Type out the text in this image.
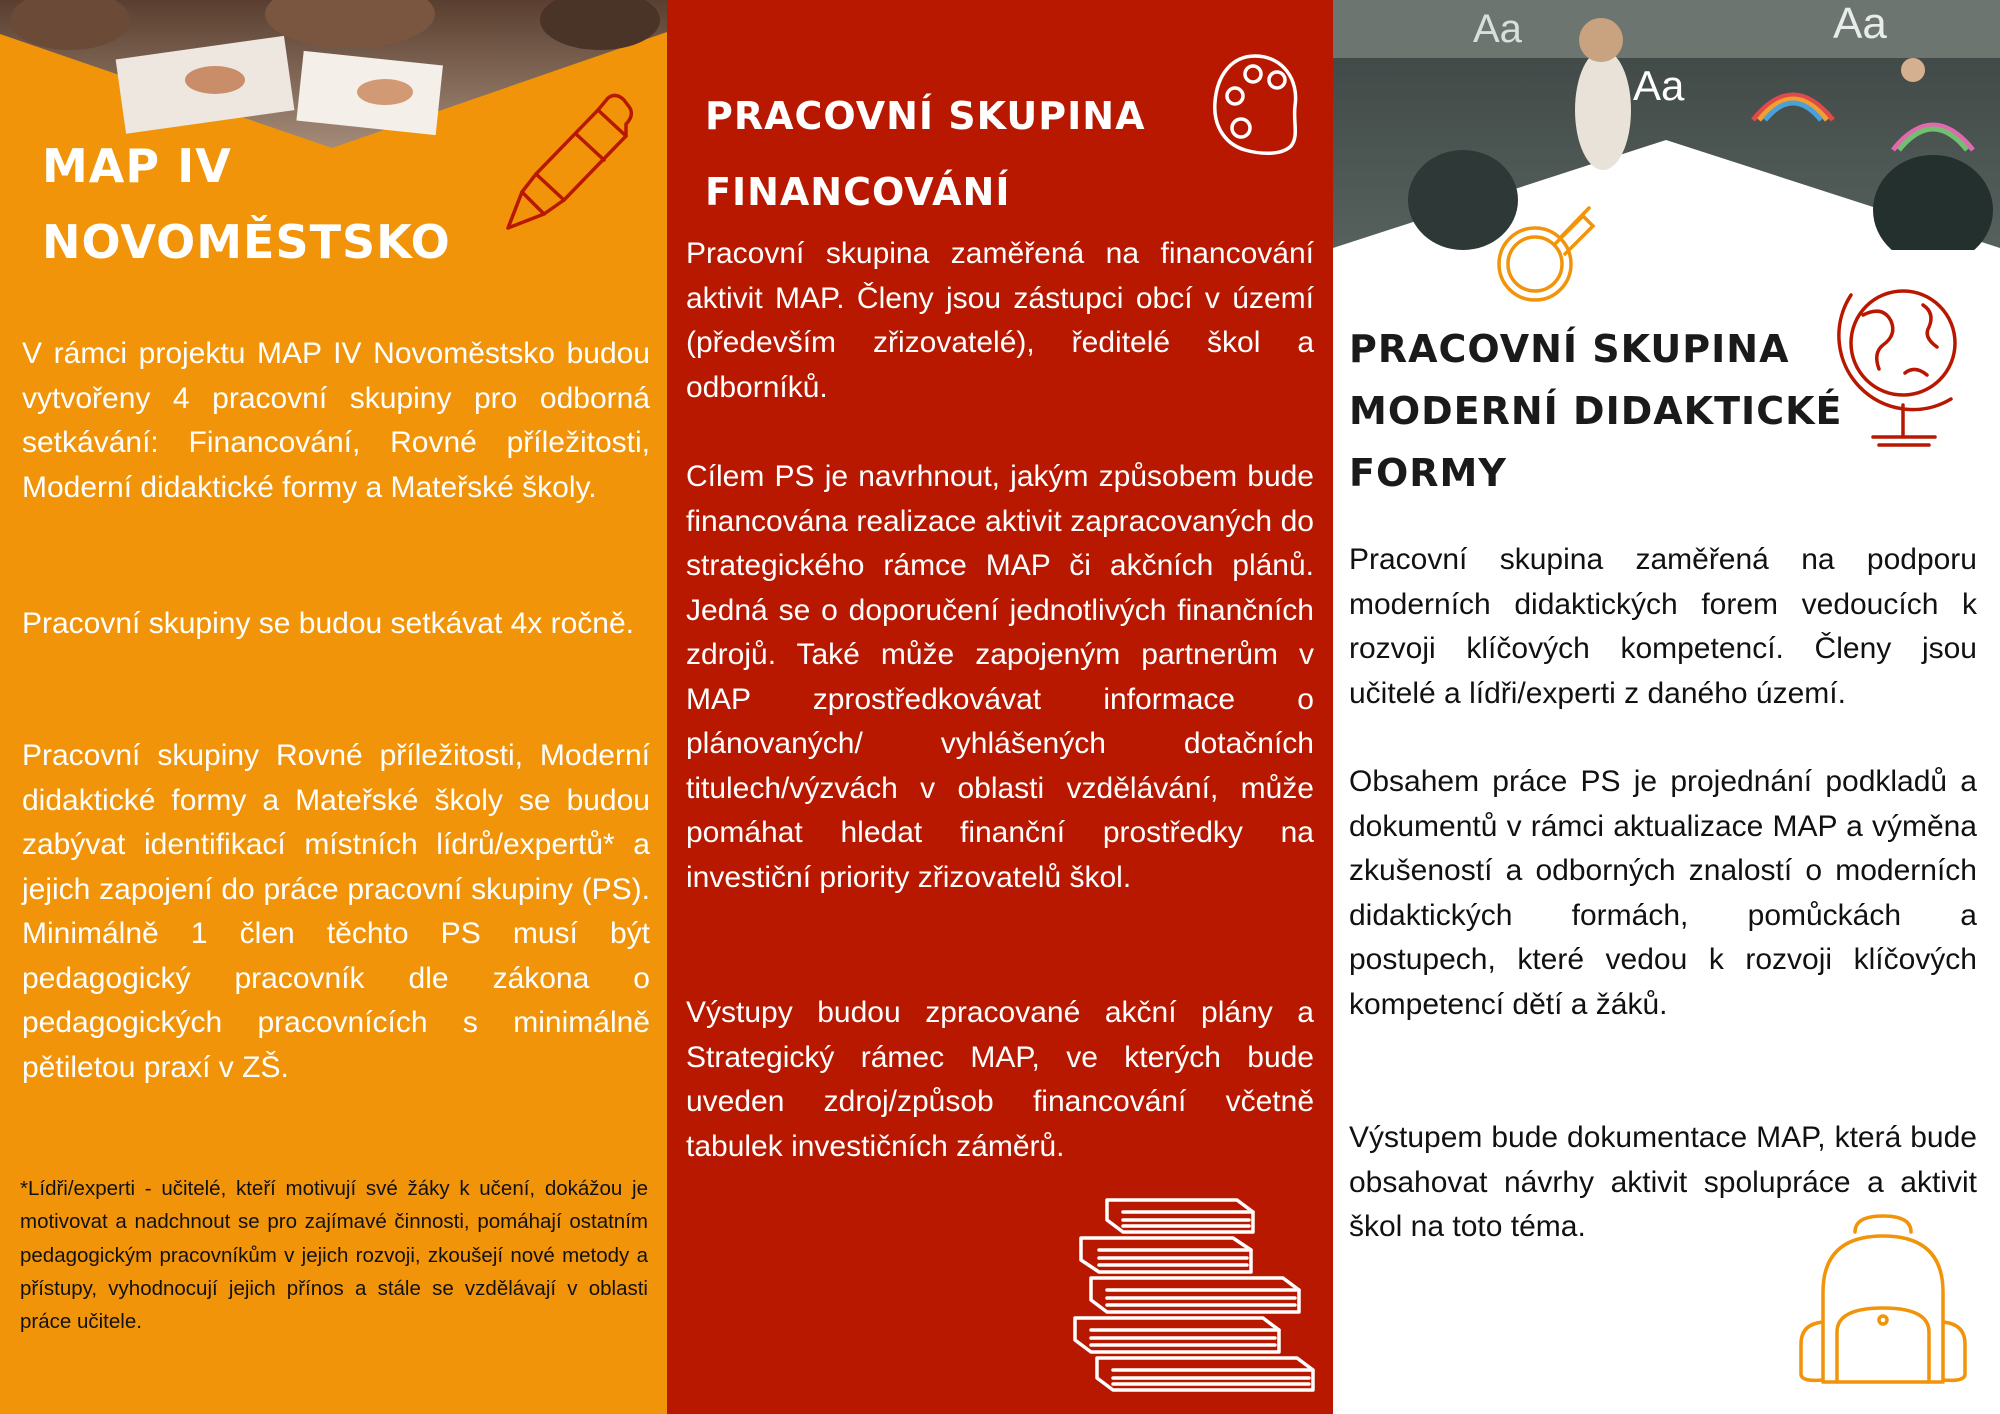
MAP IV
NOVOMĚSTSKO

V rámci projektu MAP IV Novoměstsko budou vytvořeny 4 pracovní skupiny pro odborná setkávání: Financování, Rovné příležitosti, Moderní didaktické formy a Mateřské školy.

Pracovní skupiny se budou setkávat 4x ročně.

Pracovní skupiny Rovné příležitosti, Moderní didaktické formy a Mateřské školy se budou zabývat identifikací místních lídrů/expertů* a jejich zapojení do práce pracovní skupiny (PS). Minimálně 1 člen těchto PS musí být pedagogický pracovník dle zákona o pedagogických pracovnících s minimálně pětiletou praxí v ZŠ.

*Lídři/experti - učitelé, kteří motivují své žáky k učení, dokážou je motivovat a nadchnout se pro zajímavé činnosti, pomáhají ostatním pedagogickým pracovníkům v jejich rozvoji, zkoušejí nové metody a přístupy, vyhodnocují jejich přínos a stále se vzdělávají v oblasti práce učitele.

PRACOVNÍ SKUPINA
FINANCOVÁNÍ

Pracovní skupina zaměřená na financování aktivit MAP. Členy jsou zástupci obcí v území (především zřizovatelé), ředitelé škol a odborníků.

Cílem PS je navrhnout, jakým způsobem bude financována realizace aktivit zapracovaných do strategického rámce MAP či akčních plánů. Jedná se o doporučení jednotlivých finančních zdrojů. Také může zapojeným partnerům v MAP zprostředkovávat informace o plánovaných/ vyhlášených dotačních titulech/výzvách v oblasti vzdělávání, může pomáhat hledat finanční prostředky na investiční priority zřizovatelů škol.

Výstupy budou zpracované akční plány a Strategický rámec MAP, ve kterých bude uveden zdroj/způsob financování včetně tabulek investičních záměrů.

Aa
Aa
Aa
PRACOVNÍ SKUPINA
MODERNÍ DIDAKTICKÉ
FORMY

Pracovní skupina zaměřená na podporu moderních didaktických forem vedoucích k rozvoji klíčových kompetencí. Členy jsou učitelé a lídři/experti z daného území.

Obsahem práce PS je projednání podkladů a dokumentů v rámci aktualizace MAP a výměna zkušeností a odborných znalostí o moderních didaktických formách, pomůckách a postupech, které vedou k rozvoji klíčových kompetencí dětí a žáků.

Výstupem bude dokumentace MAP, která bude obsahovat návrhy aktivit spolupráce a aktivit škol na toto téma.
